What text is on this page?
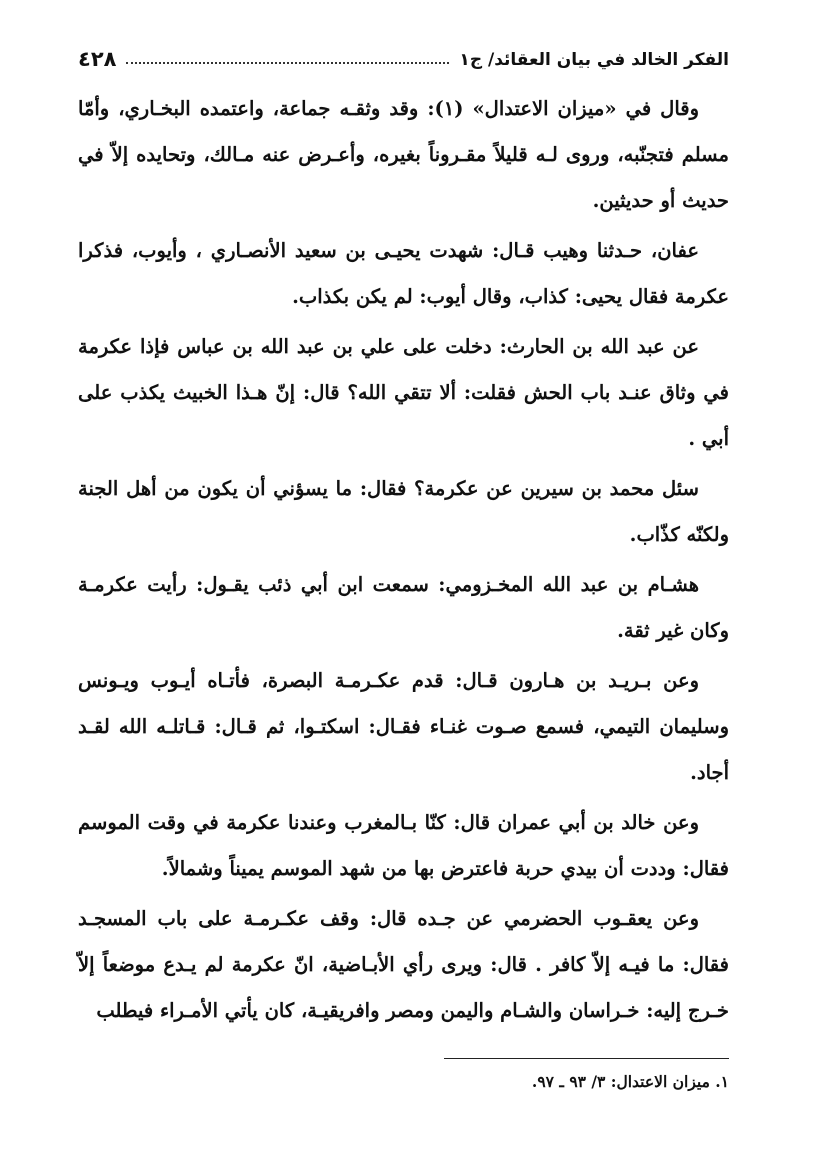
الفكر الخالد في بيان العقائد/ ج١
٤٢٨

وقال في «ميزان الاعتدال» (١): وقد وثقـه جماعة، واعتمده البخـاري، وأمّا مسلم فتجنّبه، وروى لـه قليلاً مقـروناً بغيره، وأعـرض عنه مـالك، وتحايده إلاّ في حديث أو حديثين.

عفان، حـدثنا وهيب قـال: شهدت يحيـى بن سعيد الأنصـاري ، وأيوب، فذكرا عكرمة فقال يحيى: كذاب، وقال أيوب: لم يكن بكذاب.

عن عبد الله بن الحارث: دخلت على علي بن عبد الله بن عباس فإذا عكرمة في وثاق عنـد باب الحش فقلت: ألا تتقي الله؟ قال: إنّ هـذا الخبيث يكذب على أبي .

سئل محمد بن سيرين عن عكرمة؟ فقال: ما يسؤني أن يكون من أهل الجنة ولكنّه كذّاب.

هشـام بن عبد الله المخـزومي: سمعت ابن أبي ذئب يقـول: رأيت عكرمـة وكان غير ثقة.

وعن بـريـد بن هـارون قـال: قدم عكـرمـة البصرة، فأتـاه أيـوب ويـونس وسليمان التيمي، فسمع صـوت غنـاء فقـال: اسكتـوا، ثم قـال: قـاتلـه الله لقـد أجاد.

وعن خالد بن أبي عمران قال: كنّا بـالمغرب وعندنا عكرمة في وقت الموسم فقال: وددت أن بيدي حربة فاعترض بها من شهد الموسم يميناً وشمالاً.

وعن يعقـوب الحضرمي عن جـده قال: وقف عكـرمـة على باب المسجـد فقال: ما فيـه إلاّ كافر . قال: ويرى رأي الأبـاضية، انّ عكرمة لم يـدع موضعاً إلاّ خـرج إليه: خـراسان والشـام واليمن ومصر وافريقيـة، كان يأتي الأمـراء فيطلب

١. ميزان الاعتدال: ٣/ ٩٣ ـ ٩٧.
